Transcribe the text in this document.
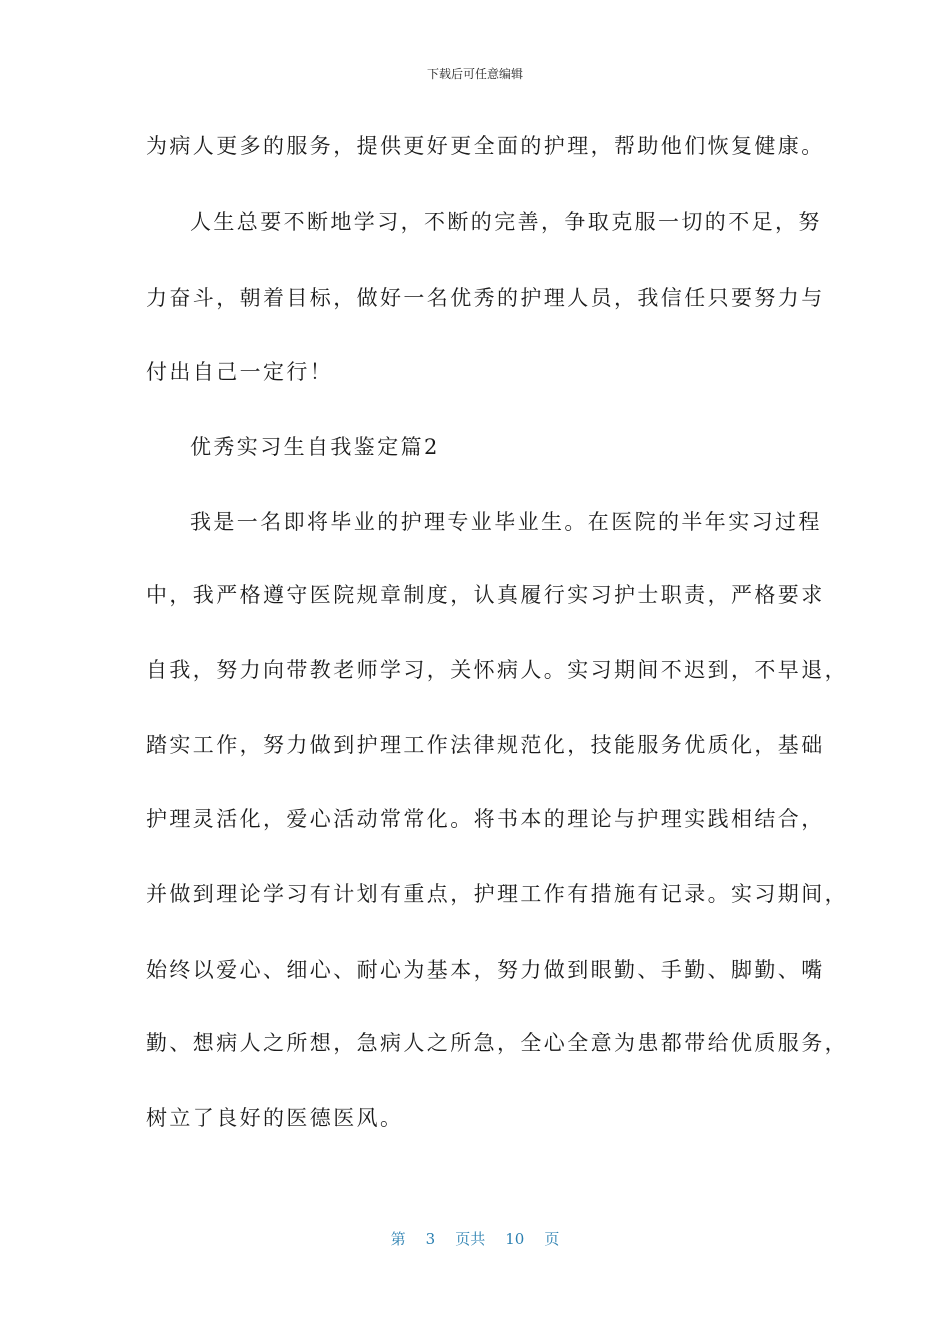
下载后可任意编辑
为病人更多的服务，提供更好更全面的护理，帮助他们恢复健康。
人生总要不断地学习，不断的完善，争取克服一切的不足，努
力奋斗，朝着目标，做好一名优秀的护理人员，我信任只要努力与
付出自己一定行！
优秀实习生自我鉴定篇2
我是一名即将毕业的护理专业毕业生。在医院的半年实习过程
中，我严格遵守医院规章制度，认真履行实习护士职责，严格要求
自我，努力向带教老师学习，关怀病人。实习期间不迟到，不早退，
踏实工作，努力做到护理工作法律规范化，技能服务优质化，基础
护理灵活化，爱心活动常常化。将书本的理论与护理实践相结合，
并做到理论学习有计划有重点，护理工作有措施有记录。实习期间，
始终以爱心、细心、耐心为基本，努力做到眼勤、手勤、脚勤、嘴
勤、想病人之所想，急病人之所急，全心全意为患都带给优质服务，
树立了良好的医德医风。
第 3 页共 10 页
